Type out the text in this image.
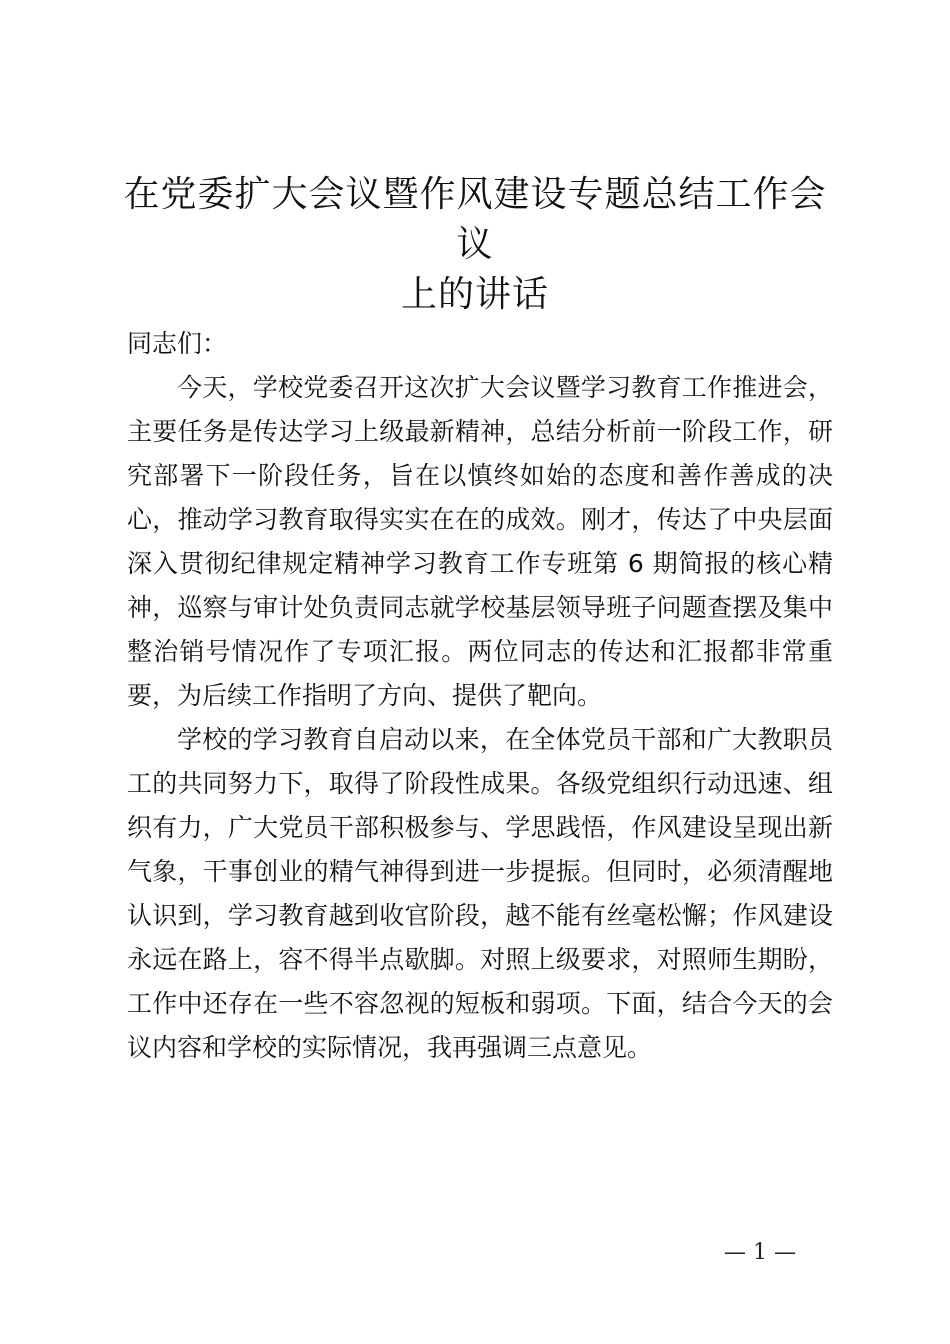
在党委扩大会议暨作风建设专题总结工作会议
上的讲话

同志们：

今天，学校党委召开这次扩大会议暨学习教育工作推进会，主要任务是传达学习上级最新精神，总结分析前一阶段工作，研究部署下一阶段任务，旨在以慎终如始的态度和善作善成的决心，推动学习教育取得实实在在的成效。刚才，传达了中央层面深入贯彻纪律规定精神学习教育工作专班第 6 期简报的核心精神，巡察与审计处负责同志就学校基层领导班子问题查摆及集中整治销号情况作了专项汇报。两位同志的传达和汇报都非常重要，为后续工作指明了方向、提供了靶向。

学校的学习教育自启动以来，在全体党员干部和广大教职员工的共同努力下，取得了阶段性成果。各级党组织行动迅速、组织有力，广大党员干部积极参与、学思践悟，作风建设呈现出新气象，干事创业的精气神得到进一步提振。但同时，必须清醒地认识到，学习教育越到收官阶段，越不能有丝毫松懈；作风建设永远在路上，容不得半点歇脚。对照上级要求，对照师生期盼，工作中还存在一些不容忽视的短板和弱项。下面，结合今天的会议内容和学校的实际情况，我再强调三点意见。

— 1 —
